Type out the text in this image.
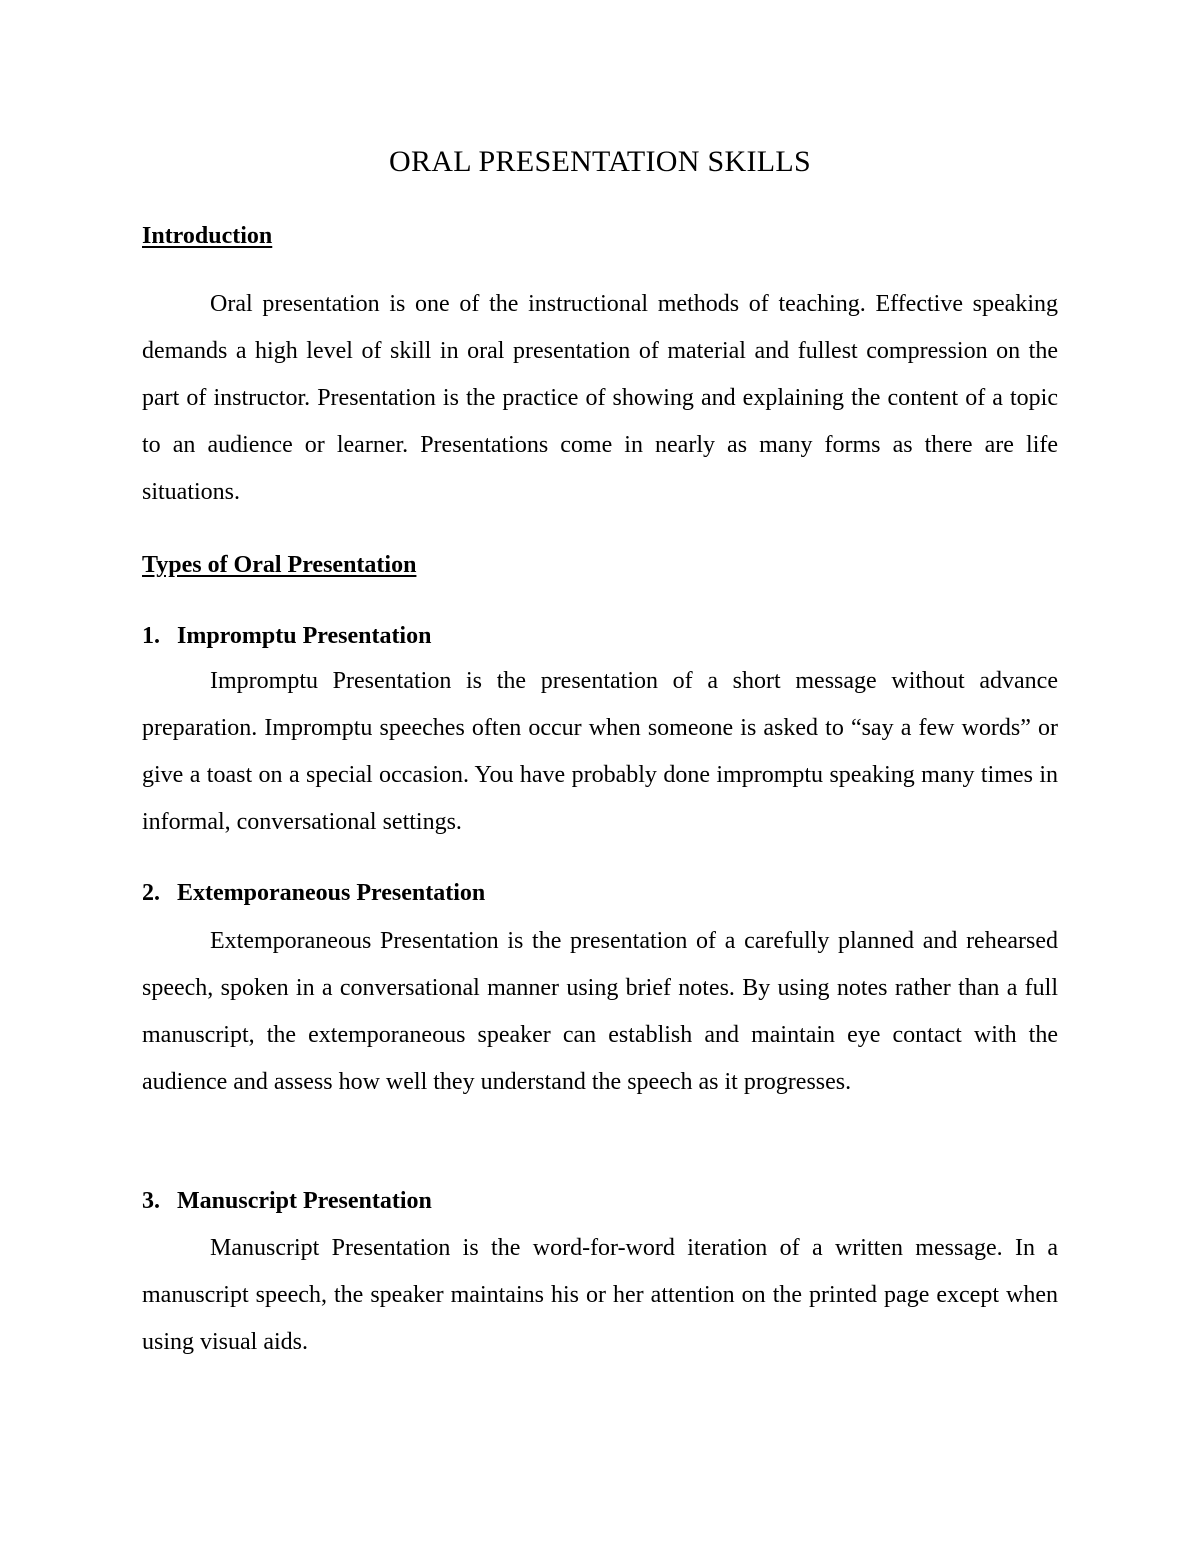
ORAL PRESENTATION SKILLS
Introduction

Oral presentation is one of the instructional methods of teaching. Effective speaking demands a high level of skill in oral presentation of material and fullest compression on the part of instructor. Presentation is the practice of showing and explaining the content of a topic to an audience or learner. Presentations come in nearly as many forms as there are life situations.

Types of Oral Presentation
1. Impromptu Presentation

Impromptu Presentation is the presentation of a short message without advance preparation. Impromptu speeches often occur when someone is asked to “say a few words” or give a toast on a special occasion. You have probably done impromptu speaking many times in informal, conversational settings.

2. Extemporaneous Presentation

Extemporaneous Presentation is the presentation of a carefully planned and rehearsed speech, spoken in a conversational manner using brief notes. By using notes rather than a full manuscript, the extemporaneous speaker can establish and maintain eye contact with the audience and assess how well they understand the speech as it progresses.

3. Manuscript Presentation

Manuscript Presentation is the word-for-word iteration of a written message. In a manuscript speech, the speaker maintains his or her attention on the printed page except when using visual aids.
